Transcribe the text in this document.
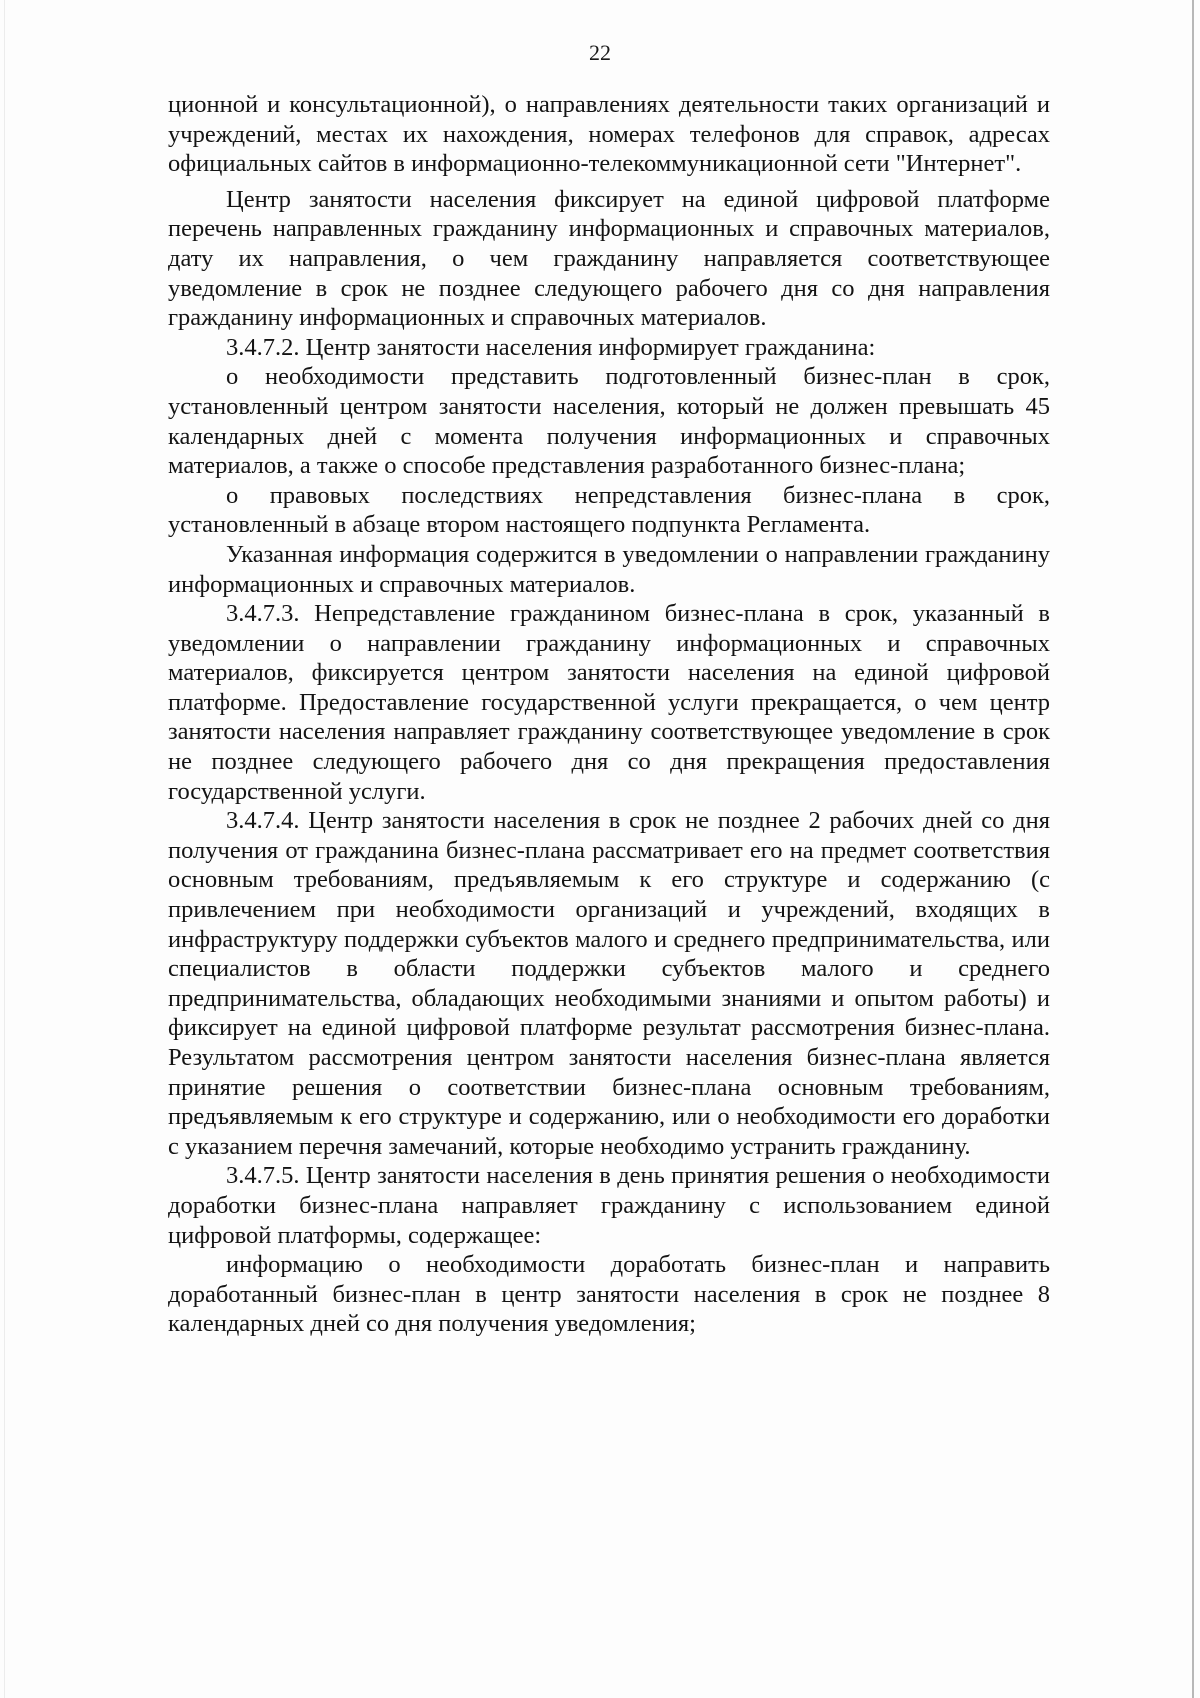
22

ционной и консультационной), о направлениях деятельности таких организаций и учреждений, местах их нахождения, номерах телефонов для справок, адресах официальных сайтов в информационно-телекоммуникационной сети "Интернет".

Центр занятости населения фиксирует на единой цифровой платформе перечень направленных гражданину информационных и справочных материалов, дату их направления, о чем гражданину направляется соответствующее уведомление в срок не позднее следующего рабочего дня со дня направления гражданину информационных и справочных материалов.

3.4.7.2. Центр занятости населения информирует гражданина:

о необходимости представить подготовленный бизнес-план в срок, установленный центром занятости населения, который не должен превышать 45 календарных дней с момента получения информационных и справочных материалов, а также о способе представления разработанного бизнес-плана;

о правовых последствиях непредставления бизнес-плана в срок, установленный в абзаце втором настоящего подпункта Регламента.

Указанная информация содержится в уведомлении о направлении гражданину информационных и справочных материалов.

3.4.7.3. Непредставление гражданином бизнес-плана в срок, указанный в уведомлении о направлении гражданину информационных и справочных материалов, фиксируется центром занятости населения на единой цифровой платформе. Предоставление государственной услуги прекращается, о чем центр занятости населения направляет гражданину соответствующее уведомление в срок не позднее следующего рабочего дня со дня прекращения предоставления государственной услуги.

3.4.7.4. Центр занятости населения в срок не позднее 2 рабочих дней со дня получения от гражданина бизнес-плана рассматривает его на предмет соответствия основным требованиям, предъявляемым к его структуре и содержанию (с привлечением при необходимости организаций и учреждений, входящих в инфраструктуру поддержки субъектов малого и среднего предпринимательства, или специалистов в области поддержки субъектов малого и среднего предпринимательства, обладающих необходимыми знаниями и опытом работы) и фиксирует на единой цифровой платформе результат рассмотрения бизнес-плана. Результатом рассмотрения центром занятости населения бизнес-плана является принятие решения о соответствии бизнес-плана основным требованиям, предъявляемым к его структуре и содержанию, или о необходимости его доработки с указанием перечня замечаний, которые необходимо устранить гражданину.

3.4.7.5. Центр занятости населения в день принятия решения о необходимости доработки бизнес-плана направляет гражданину с использованием единой цифровой платформы, содержащее:

информацию о необходимости доработать бизнес-план и направить доработанный бизнес-план в центр занятости населения в срок не позднее 8 календарных дней со дня получения уведомления;
